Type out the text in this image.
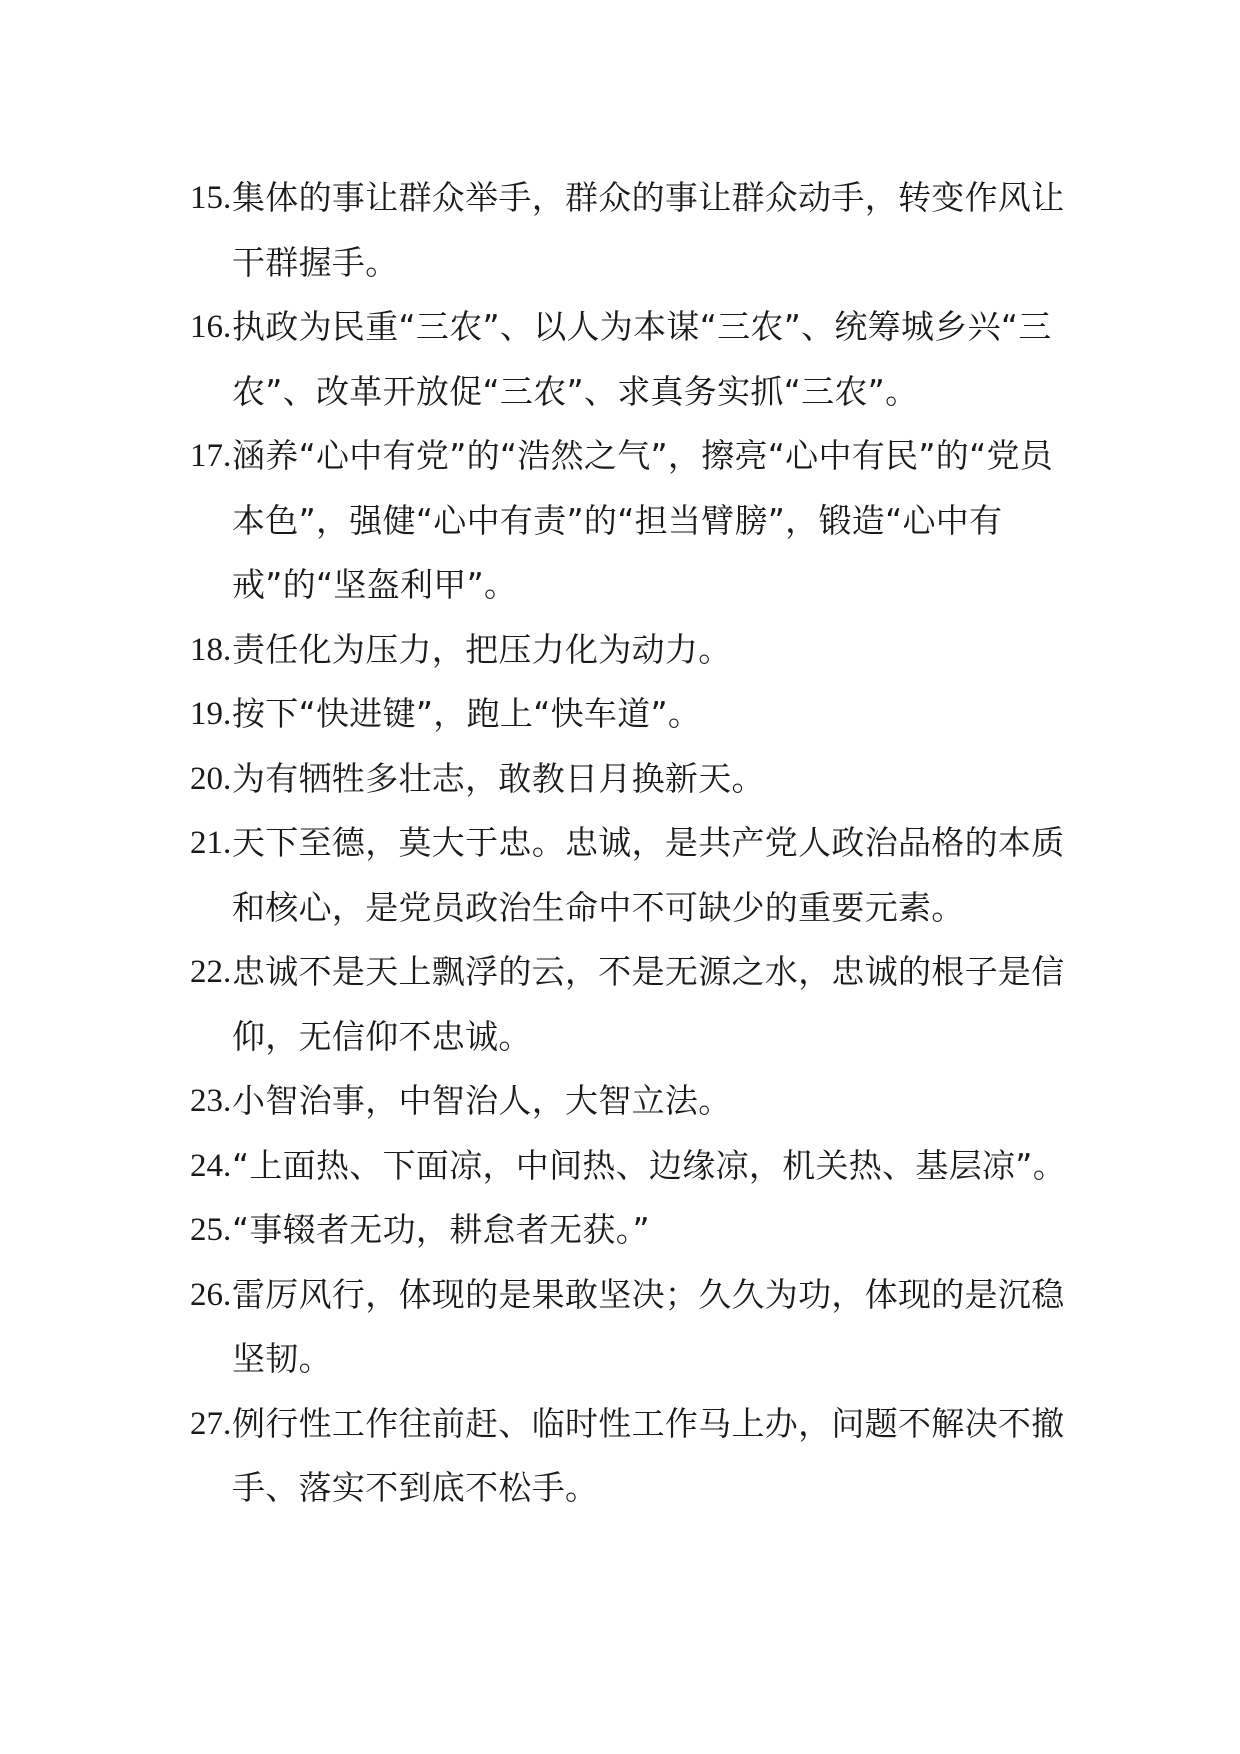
15. 集体的事让群众举手，群众的事让群众动手，转变作风让干群握手。
16. 执政为民重“三农”、以人为本谋“三农”、统筹城乡兴“三农”、改革开放促“三农”、求真务实抓“三农”。
17. 涵养“心中有党”的“浩然之气”，擦亮“心中有民”的“党员本色”，强健“心中有责”的“担当臂膀”，锻造“心中有戒”的“坚盔利甲”。
18. 责任化为压力，把压力化为动力。
19. 按下“快进键”，跑上“快车道”。
20. 为有牺牲多壮志，敢教日月换新天。
21. 天下至德，莫大于忠。忠诚，是共产党人政治品格的本质和核心，是党员政治生命中不可缺少的重要元素。
22. 忠诚不是天上飘浮的云，不是无源之水，忠诚的根子是信仰，无信仰不忠诚。
23. 小智治事，中智治人，大智立法。
24. “上面热、下面凉，中间热、边缘凉，机关热、基层凉”。
25. “事辍者无功，耕怠者无获。”
26. 雷厉风行，体现的是果敢坚决；久久为功，体现的是沉稳坚韧。
27. 例行性工作往前赶、临时性工作马上办，问题不解决不撤手、落实不到底不松手。
